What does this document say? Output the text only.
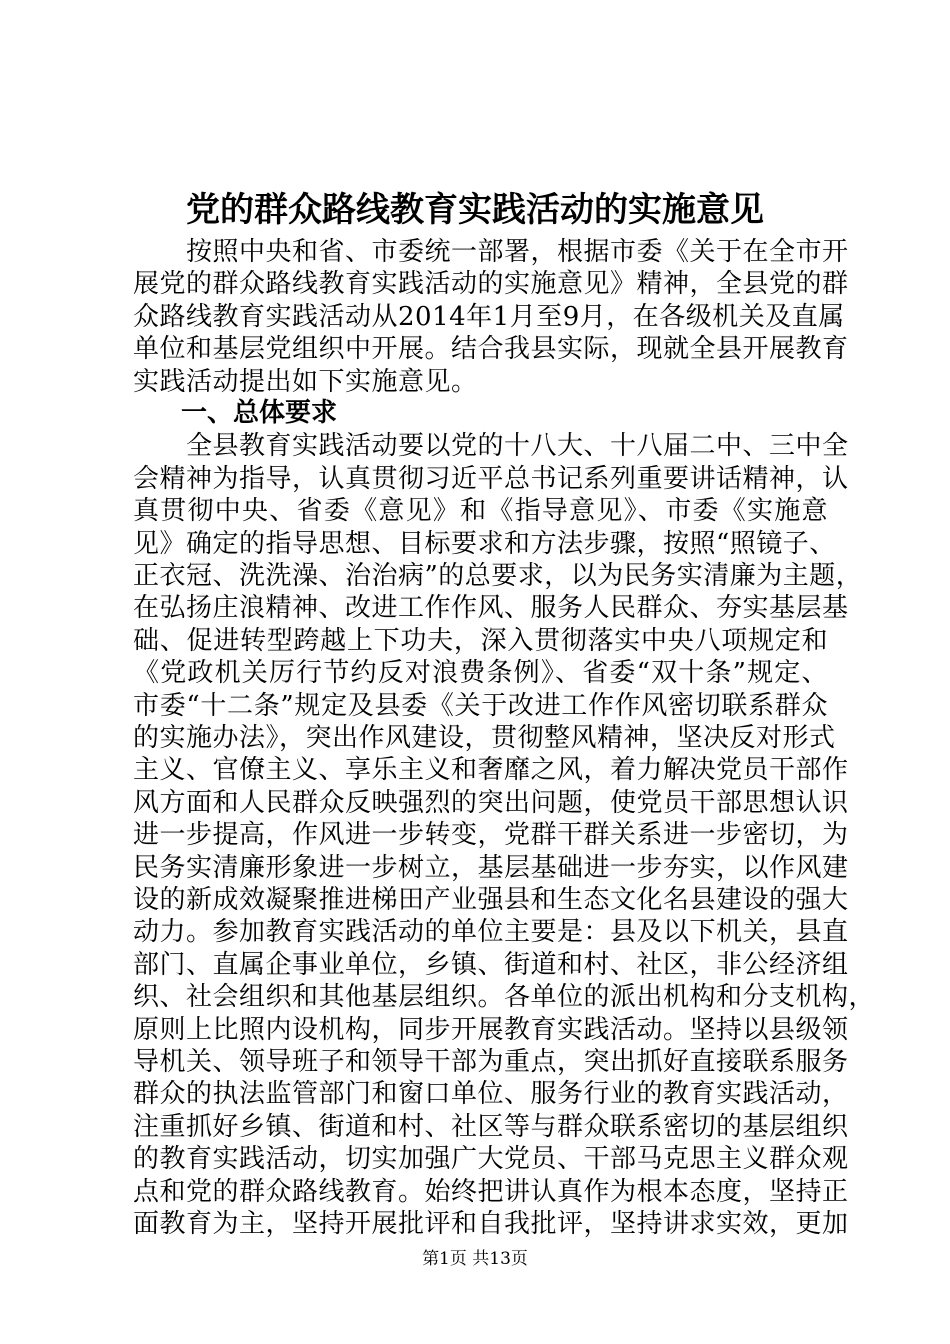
党的群众路线教育实践活动的实施意见
　　按照中央和省、市委统一部署，根据市委《关于在全市开
展党的群众路线教育实践活动的实施意见》精神，全县党的群
众路线教育实践活动从2014年1月至9月，在各级机关及直属
单位和基层党组织中开展。结合我县实际，现就全县开展教育
实践活动提出如下实施意见。
一、总体要求
　　全县教育实践活动要以党的十八大、十八届二中、三中全
会精神为指导，认真贯彻习近平总书记系列重要讲话精神，认
真贯彻中央、省委《意见》和《指导意见》、市委《实施意
见》确定的指导思想、目标要求和方法步骤，按照“照镜子、
正衣冠、洗洗澡、治治病”的总要求，以为民务实清廉为主题，
在弘扬庄浪精神、改进工作作风、服务人民群众、夯实基层基
础、促进转型跨越上下功夫，深入贯彻落实中央八项规定和
《党政机关厉行节约反对浪费条例》、省委“双十条”规定、
市委“十二条”规定及县委《关于改进工作作风密切联系群众
的实施办法》，突出作风建设，贯彻整风精神，坚决反对形式
主义、官僚主义、享乐主义和奢靡之风，着力解决党员干部作
风方面和人民群众反映强烈的突出问题，使党员干部思想认识
进一步提高，作风进一步转变，党群干群关系进一步密切，为
民务实清廉形象进一步树立，基层基础进一步夯实，以作风建
设的新成效凝聚推进梯田产业强县和生态文化名县建设的强大
动力。参加教育实践活动的单位主要是：县及以下机关，县直
部门、直属企事业单位，乡镇、街道和村、社区，非公经济组
织、社会组织和其他基层组织。各单位的派出机构和分支机构，
原则上比照内设机构，同步开展教育实践活动。坚持以县级领
导机关、领导班子和领导干部为重点，突出抓好直接联系服务
群众的执法监管部门和窗口单位、服务行业的教育实践活动，
注重抓好乡镇、街道和村、社区等与群众联系密切的基层组织
的教育实践活动，切实加强广大党员、干部马克思主义群众观
点和党的群众路线教育。始终把讲认真作为根本态度，坚持正
面教育为主，坚持开展批评和自我批评，坚持讲求实效，更加
第1页 共13页
